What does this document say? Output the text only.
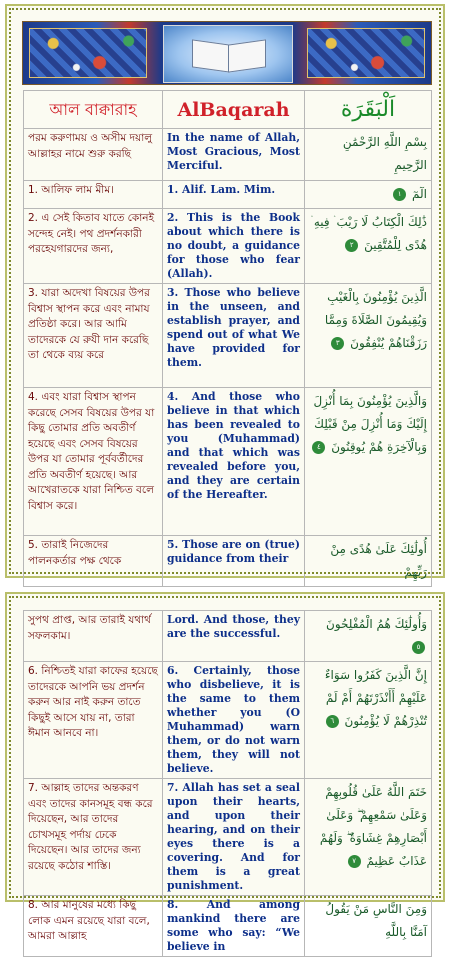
আল বাক্বারাহ	AlBaqarah	اَلْبَقَرَة
পরম করুণাময় ও অসীম দয়ালু আল্লাহর নামে শুরু করছি	In the name of Allah, Most Gracious, Most Merciful.	بِسْمِ اللَّهِ الرَّحْمَٰنِ الرَّحِيمِ
1. আলিফ লাম মীম।	1. Alif. Lam. Mim.	الٓمٓ ١
2. এ সেই কিতাব যাতে কোনই সন্দেহ নেই। পথ প্রদর্শনকারী পরহেযগারদের জন্য,	2. This is the Book about which there is no doubt, a guidance for those who fear (Allah).	ذَٰلِكَ الْكِتَابُ لَا رَيْبَ ۛ فِيهِ ۛ هُدًى لِلْمُتَّقِينَ ٢
3. যারা অদেখা বিষয়ের উপর বিশ্বাস স্থাপন করে এবং নামায প্রতিষ্ঠা করে। আর আমি তাদেরকে যে রুযী দান করেছি তা থেকে ব্যয় করে	3. Those who believe in the unseen, and establish prayer, and spend out of what We have provided for them.	الَّذِينَ يُؤْمِنُونَ بِالْغَيْبِ وَيُقِيمُونَ الصَّلَاةَ وَمِمَّا رَزَقْنَاهُمْ يُنْفِقُونَ ٣
4. এবং যারা বিশ্বাস স্থাপন করেছে সেসব বিষয়ের উপর যা কিছু তোমার প্রতি অবতীর্ণ হয়েছে এবং সেসব বিষয়ের উপর যা তোমার পূর্ববর্তীদের প্রতি অবতীর্ণ হয়েছে। আর আখেরাতকে যারা নিশ্চিত বলে বিশ্বাস করে।	4. And those who believe in that which has been revealed to you (Muhammad) and that which was revealed before you, and they are certain of the Hereafter.	وَالَّذِينَ يُؤْمِنُونَ بِمَا أُنْزِلَ إِلَيْكَ وَمَا أُنْزِلَ مِنْ قَبْلِكَ وَبِالْآخِرَةِ هُمْ يُوقِنُونَ ٤
5. তারাই নিজেদের পালনকর্তার পক্ষ থেকে	5. Those are on (true) guidance from their	أُولَٰئِكَ عَلَىٰ هُدًى مِنْ رَبِّهِمْ
সুপথ প্রাপ্ত, আর তারাই যথার্থ সফলকাম।	Lord. And those, they are the successful.	وَأُولَٰئِكَ هُمُ الْمُفْلِحُونَ ٥
6. নিশ্চিতই যারা কাফের হয়েছে তাদেরকে আপনি ভয় প্রদর্শন করুন আর নাই করুন তাতে কিছুই আসে যায় না, তারা ঈমান আনবে না।	6. Certainly, those who disbelieve, it is the same to them whether you (O Muhammad) warn them, or do not warn them, they will not believe.	إِنَّ الَّذِينَ كَفَرُوا سَوَاءٌ عَلَيْهِمْ أَأَنْذَرْتَهُمْ أَمْ لَمْ تُنْذِرْهُمْ لَا يُؤْمِنُونَ ٦
7. আল্লাহ তাদের অন্তকরণ এবং তাদের কানসমূহ বন্ধ করে দিয়েছেন, আর তাদের চোখসমূহ পর্দায় ঢেকে দিয়েছেন। আর তাদের জন্য রয়েছে কঠোর শাস্তি।	7. Allah has set a seal upon their hearts, and upon their hearing, and on their eyes there is a covering. And for them is a great punishment.	خَتَمَ اللَّهُ عَلَىٰ قُلُوبِهِمْ وَعَلَىٰ سَمْعِهِمْ ۖ وَعَلَىٰ أَبْصَارِهِمْ غِشَاوَةٌ ۖ وَلَهُمْ عَذَابٌ عَظِيمٌ ٧
8. আর মানুষের মধ্যে কিছু লোক এমন রয়েছে যারা বলে, আমরা আল্লাহ	8. And among mankind there are some who say: “We believe in	وَمِنَ النَّاسِ مَنْ يَقُولُ آمَنَّا بِاللَّهِ
